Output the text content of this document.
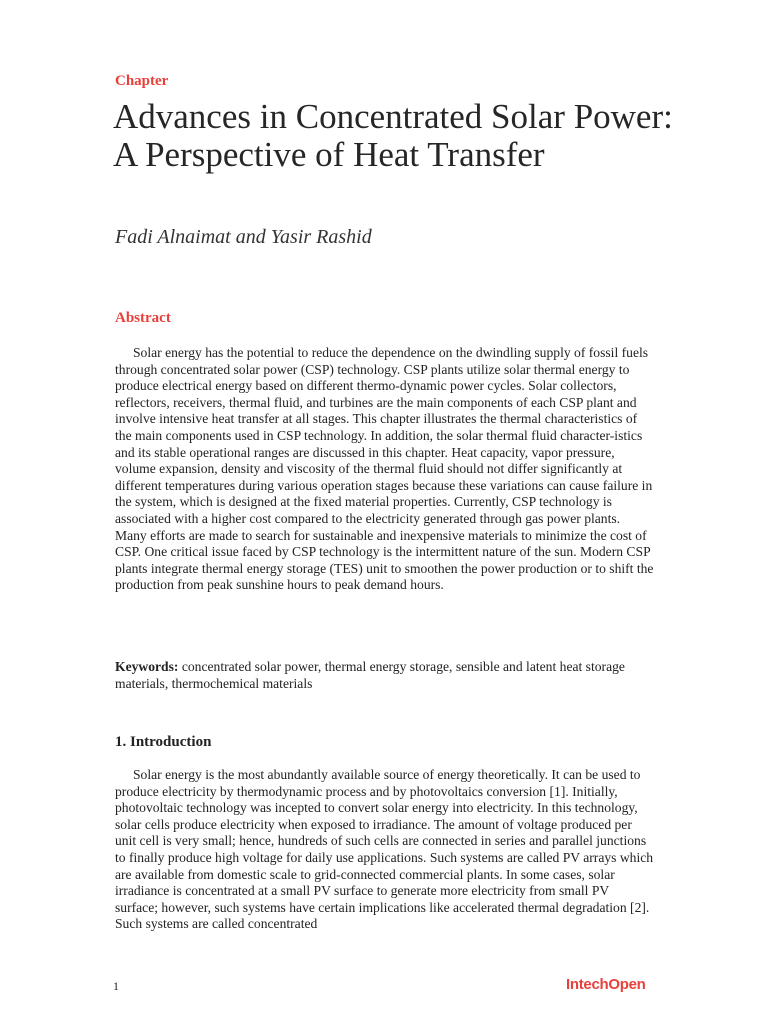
Chapter
Advances in Concentrated Solar Power: A Perspective of Heat Transfer
Fadi Alnaimat and Yasir Rashid
Abstract

Solar energy has the potential to reduce the dependence on the dwindling supply of fossil fuels through concentrated solar power (CSP) technology. CSP plants utilize solar thermal energy to produce electrical energy based on different thermo-dynamic power cycles. Solar collectors, reflectors, receivers, thermal fluid, and turbines are the main components of each CSP plant and involve intensive heat transfer at all stages. This chapter illustrates the thermal characteristics of the main components used in CSP technology. In addition, the solar thermal fluid character-istics and its stable operational ranges are discussed in this chapter. Heat capacity, vapor pressure, volume expansion, density and viscosity of the thermal fluid should not differ significantly at different temperatures during various operation stages because these variations can cause failure in the system, which is designed at the fixed material properties. Currently, CSP technology is associated with a higher cost compared to the electricity generated through gas power plants. Many efforts are made to search for sustainable and inexpensive materials to minimize the cost of CSP. One critical issue faced by CSP technology is the intermittent nature of the sun. Modern CSP plants integrate thermal energy storage (TES) unit to smoothen the power production or to shift the production from peak sunshine hours to peak demand hours.

Keywords: concentrated solar power, thermal energy storage, sensible and latent heat storage materials, thermochemical materials

1. Introduction

Solar energy is the most abundantly available source of energy theoretically. It can be used to produce electricity by thermodynamic process and by photovoltaics conversion [1]. Initially, photovoltaic technology was incepted to convert solar energy into electricity. In this technology, solar cells produce electricity when exposed to irradiance. The amount of voltage produced per unit cell is very small; hence, hundreds of such cells are connected in series and parallel junctions to finally produce high voltage for daily use applications. Such systems are called PV arrays which are available from domestic scale to grid-connected commercial plants. In some cases, solar irradiance is concentrated at a small PV surface to generate more electricity from small PV surface; however, such systems have certain implications like accelerated thermal degradation [2]. Such systems are called concentrated

1	IntechOpen
